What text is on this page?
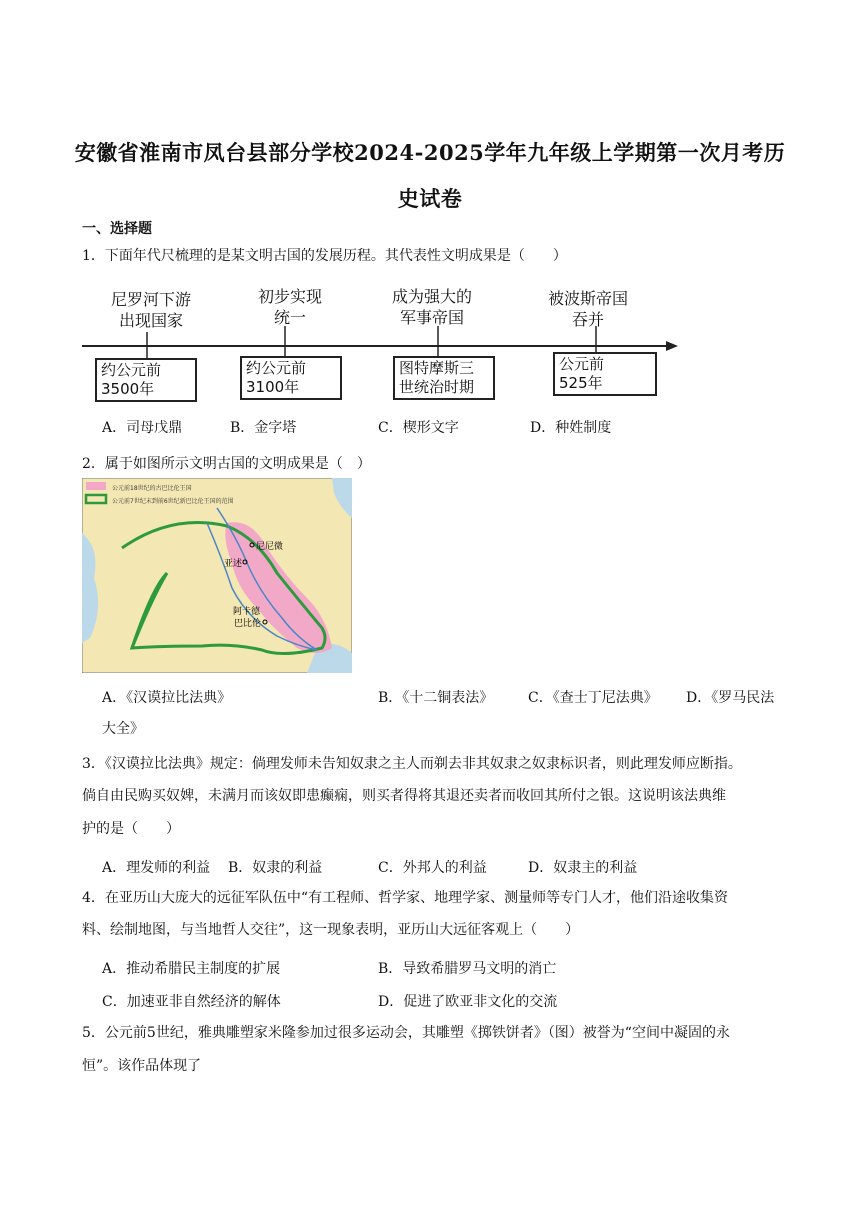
安徽省淮南市凤台县部分学校2024-2025学年九年级上学期第一次月考历
史试卷
一、选择题
1．下面年代尺梳理的是某文明古国的发展历程。其代表性文明成果是（　　）
尼罗河下游
出现国家
初步实现
统一
成为强大的
军事帝国
被波斯帝国
吞并
约公元前
3500年
约公元前
3100年
图特摩斯三
世统治时期
公元前
525年
A．司母戊鼎	B．金字塔	C．楔形文字	D．种姓制度
2．属于如图所示文明古国的文明成果是（　）
公元前18世纪的古巴比伦王国
公元前7世纪末到前6世纪新巴比伦王国的范围
尼尼微
亚述
阿卡德
巴比伦
A．《汉谟拉比法典》	B．《十二铜表法》 C．《查士丁尼法典》 D．《罗马民法
大全》
3．《汉谟拉比法典》规定：倘理发师未告知奴隶之主人而剃去非其奴隶之奴隶标识者，则此理发师应断指。
倘自由民购买奴婢，未满月而该奴即患癫痫，则买者得将其退还卖者而收回其所付之银。这说明该法典维
护的是（　　）
A．理发师的利益 B．奴隶的利益	C．外邦人的利益	D．奴隶主的利益
4．在亚历山大庞大的远征军队伍中“有工程师、哲学家、地理学家、测量师等专门人才，他们沿途收集资
料、绘制地图，与当地哲人交往”，这一现象表明，亚历山大远征客观上（　　）
A．推动希腊民主制度的扩展	B．导致希腊罗马文明的消亡
C．加速亚非自然经济的解体	D．促进了欧亚非文化的交流
5．公元前5世纪，雅典雕塑家米隆参加过很多运动会，其雕塑《掷铁饼者》（图）被誉为“空间中凝固的永
恒”。该作品体现了
